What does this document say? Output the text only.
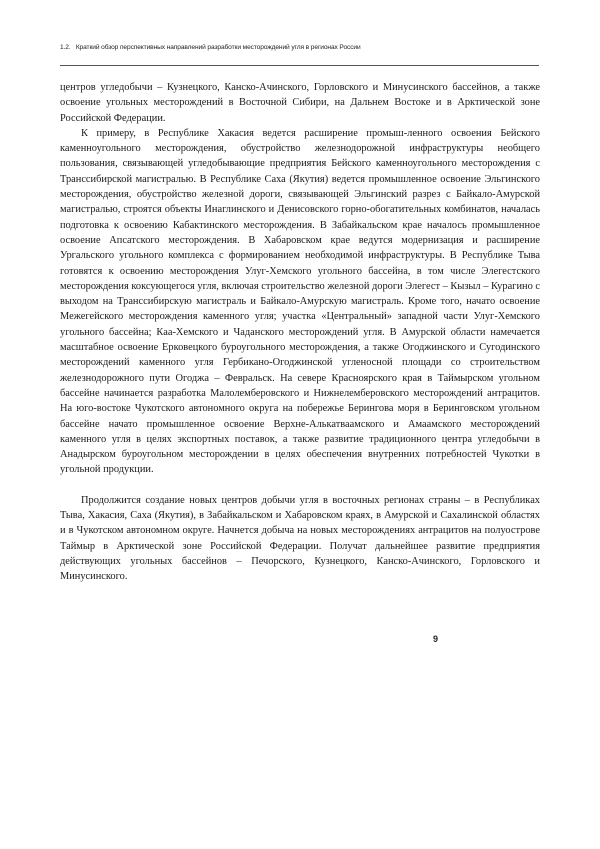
1.2. Краткий обзор перспективных направлений разработки месторождений угля в регионах России

центров угледобычи – Кузнецкого, Канско-Ачинского, Горловского и Минусинского бассейнов, а также освоение угольных месторождений в Восточной Сибири, на Дальнем Востоке и в Арктической зоне Российской Федерации.

К примеру, в Республике Хакасия ведется расширение промыш-ленного освоения Бейского каменноугольного месторождения, обустройство железнодорожной инфраструктуры необщего пользования, связывающей угледобывающие предприятия Бейского каменноугольного месторождения с Транссибирской магистралью. В Республике Саха (Якутия) ведется промышленное освоение Эльгинского месторождения, обустройство железной дороги, связывающей Эльгинский разрез с Байкало-Амурской магистралью, строятся объекты Инаглинского и Денисовского горно-обогатительных комбинатов, началась подготовка к освоению Кабактинского месторождения. В Забайкальском крае началось промышленное освоение Апсатского месторождения. В Хабаровском крае ведутся модернизация и расширение Ургальского угольного комплекса с формированием необходимой инфраструктуры. В Республике Тыва готовятся к освоению месторождения Улуг-Хемского угольного бассейна, в том числе Элегестского месторождения коксующегося угля, включая строительство железной дороги Элегест – Кызыл – Курагино с выходом на Транссибирскую магистраль и Байкало-Амурскую магистраль. Кроме того, начато освоение Межегейского месторождения каменного угля; участка «Центральный» западной части Улуг-Хемского угольного бассейна; Каа-Хемского и Чаданского месторождений угля. В Амурской области намечается масштабное освоение Ерковецкого буроугольного месторождения, а также Огоджинского и Сугодинского месторождений каменного угля Гербикано-Огоджинской угленосной площади со строительством железнодорожного пути Огоджа – Февральск. На севере Красноярского края в Таймырском угольном бассейне начинается разработка Малолемберовского и Нижнелемберовского месторождений антрацитов. На юго-востоке Чукотского автономного округа на побережье Берингова моря в Беринговском угольном бассейне начато промышленное освоение Верхне-Алькатваамского и Амаамского месторождений каменного угля в целях экспортных поставок, а также развитие традиционного центра угледобычи в Анадырском буроугольном месторождении в целях обеспечения внутренних потребностей Чукотки в угольной продукции.

Продолжится создание новых центров добычи угля в восточных регионах страны – в Республиках Тыва, Хакасия, Саха (Якутия), в Забайкальском и Хабаровском краях, в Амурской и Сахалинской областях и в Чукотском автономном округе. Начнется добыча на новых месторождениях антрацитов на полуострове Таймыр в Арктической зоне Российской Федерации. Получат дальнейшее развитие предприятия действующих угольных бассейнов – Печорского, Кузнецкого, Канско-Ачинского, Горловского и Минусинского.

9
